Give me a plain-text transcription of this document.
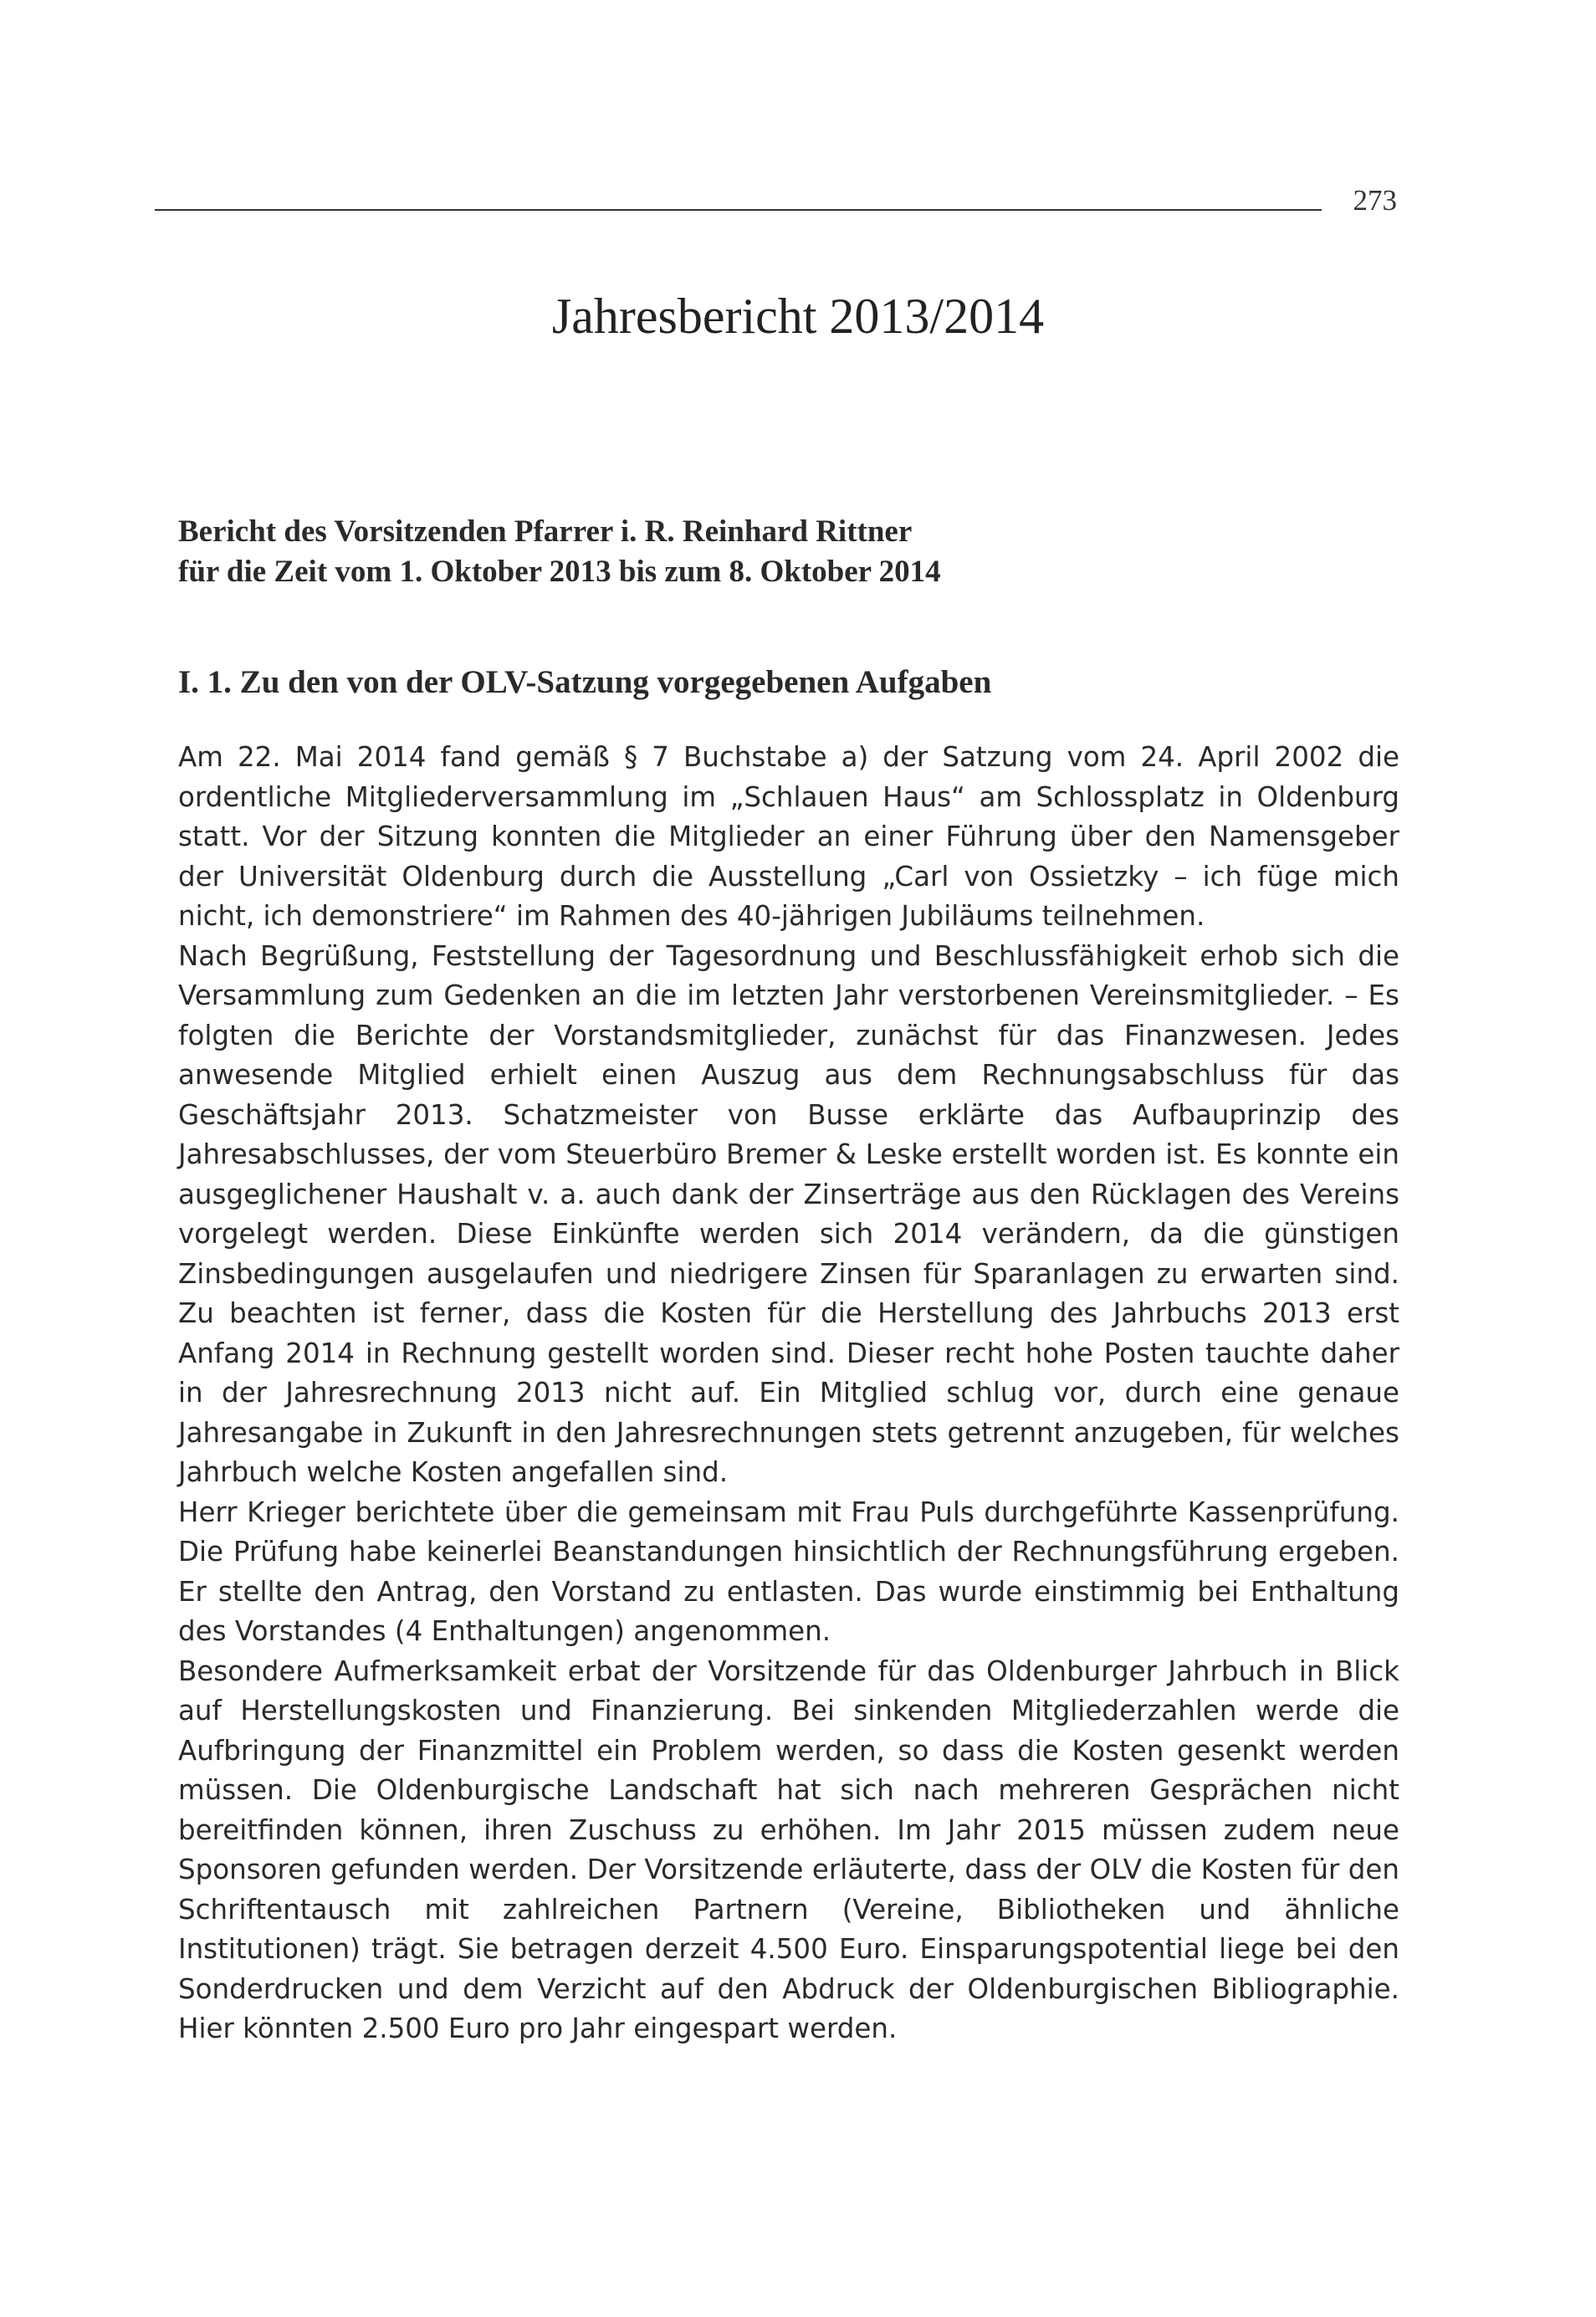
273
Jahresbericht 2013/2014
Bericht des Vorsitzenden Pfarrer i. R. Reinhard Rittner
für die Zeit vom 1. Oktober 2013 bis zum 8. Oktober 2014
I. 1. Zu den von der OLV-Satzung vorgegebenen Aufgaben

Am 22. Mai 2014 fand gemäß § 7 Buchstabe a) der Satzung vom 24. April 2002 die ordentliche Mitgliederversammlung im „Schlauen Haus“ am Schlossplatz in Oldenburg statt. Vor der Sitzung konnten die Mitglieder an einer Führung über den Namensgeber der Universität Oldenburg durch die Ausstellung „Carl von Ossietzky – ich füge mich nicht, ich demonstriere“ im Rahmen des 40-jährigen Jubiläums teilnehmen.

Nach Begrüßung, Feststellung der Tagesordnung und Beschlussfähigkeit erhob sich die Versammlung zum Gedenken an die im letzten Jahr verstorbenen Vereinsmitglieder. – Es folgten die Berichte der Vorstandsmitglieder, zunächst für das Finanzwesen. Jedes anwesende Mitglied erhielt einen Auszug aus dem Rechnungsabschluss für das Geschäftsjahr 2013. Schatzmeister von Busse erklärte das Aufbauprinzip des Jahresabschlusses, der vom Steuerbüro Bremer & Leske erstellt worden ist. Es konnte ein ausgeglichener Haushalt v. a. auch dank der Zinserträge aus den Rücklagen des Vereins vorgelegt werden. Diese Einkünfte werden sich 2014 verändern, da die günstigen Zinsbedingungen ausgelaufen und niedrigere Zinsen für Sparanlagen zu erwarten sind. Zu beachten ist ferner, dass die Kosten für die Herstellung des Jahrbuchs 2013 erst Anfang 2014 in Rechnung gestellt worden sind. Dieser recht hohe Posten tauchte daher in der Jahresrechnung 2013 nicht auf. Ein Mitglied schlug vor, durch eine genaue Jahresangabe in Zukunft in den Jahresrechnungen stets getrennt anzugeben, für welches Jahrbuch welche Kosten angefallen sind.

Herr Krieger berichtete über die gemeinsam mit Frau Puls durchgeführte Kassenprüfung. Die Prüfung habe keinerlei Beanstandungen hinsichtlich der Rechnungsführung ergeben. Er stellte den Antrag, den Vorstand zu entlasten. Das wurde einstimmig bei Enthaltung des Vorstandes (4 Enthaltungen) angenommen.

Besondere Aufmerksamkeit erbat der Vorsitzende für das Oldenburger Jahrbuch in Blick auf Herstellungskosten und Finanzierung. Bei sinkenden Mitgliederzahlen werde die Aufbringung der Finanzmittel ein Problem werden, so dass die Kosten gesenkt werden müssen. Die Oldenburgische Landschaft hat sich nach mehreren Gesprächen nicht bereitfinden können, ihren Zuschuss zu erhöhen. Im Jahr 2015 müssen zudem neue Sponsoren gefunden werden. Der Vorsitzende erläuterte, dass der OLV die Kosten für den Schriftentausch mit zahlreichen Partnern (Vereine, Bibliotheken und ähnliche Institutionen) trägt. Sie betragen derzeit 4.500 Euro. Einsparungspotential liege bei den Sonderdrucken und dem Verzicht auf den Abdruck der Oldenburgischen Bibliographie. Hier könnten 2.500 Euro pro Jahr eingespart werden.
